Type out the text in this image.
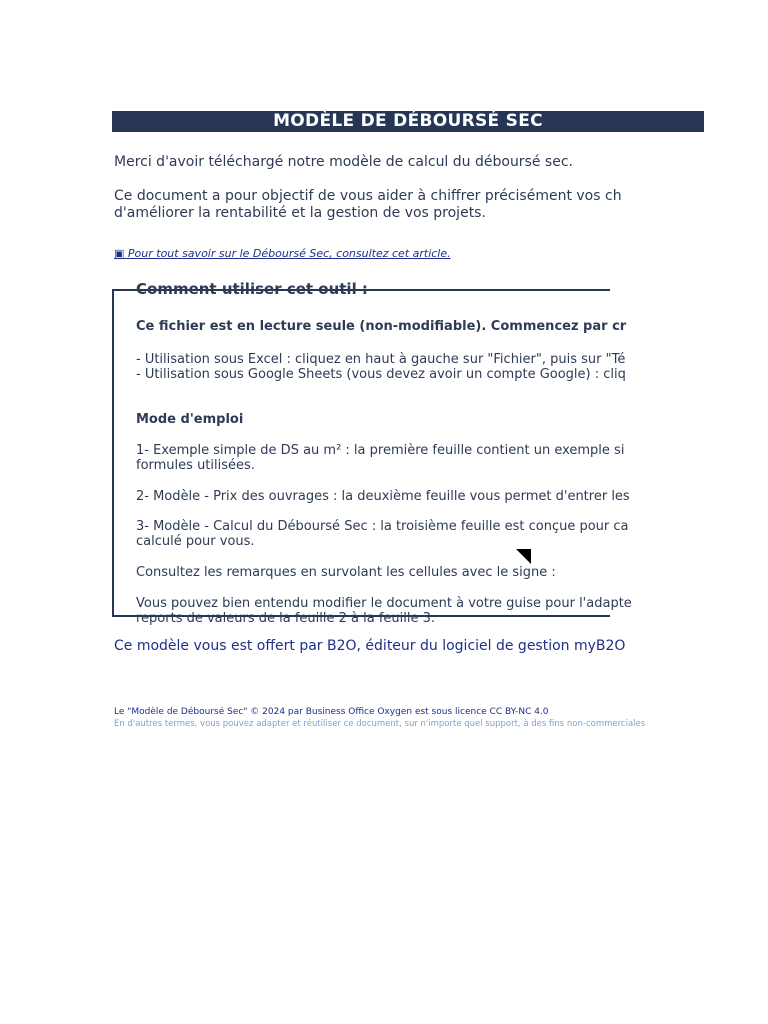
MODÈLE DE DÉBOURSÉ SEC

Merci d'avoir téléchargé notre modèle de calcul du déboursé sec.

Ce document a pour objectif de vous aider à chiffrer précisément vos ch

d'améliorer la rentabilité et la gestion de vos projets.

▣ Pour tout savoir sur le Déboursé Sec, consultez cet article.
Comment utiliser cet outil :
Ce fichier est en lecture seule (non-modifiable). Commencez par cr
- Utilisation sous Excel : cliquez en haut à gauche sur "Fichier", puis sur "Té
- Utilisation sous Google Sheets (vous devez avoir un compte Google) : cliq
Mode d'emploi
1- Exemple simple de DS au m² : la première feuille contient un exemple si
formules utilisées.
2- Modèle - Prix des ouvrages : la deuxième feuille vous permet d'entrer les
3- Modèle - Calcul du Déboursé Sec : la troisième feuille est conçue pour ca
calculé pour vous.
Consultez les remarques en survolant les cellules avec le signe :
Vous pouvez bien entendu modifier le document à votre guise pour l'adapte
reports de valeurs de la feuille 2 à la feuille 3.
Ce modèle vous est offert par B2O, éditeur du logiciel de gestion myB2O
Le "Modèle de Déboursé Sec" © 2024 par Business Office Oxygen est sous licence CC BY-NC 4.0
En d'autres termes, vous pouvez adapter et réutiliser ce document, sur n'importe quel support, à des fins non-commerciales
